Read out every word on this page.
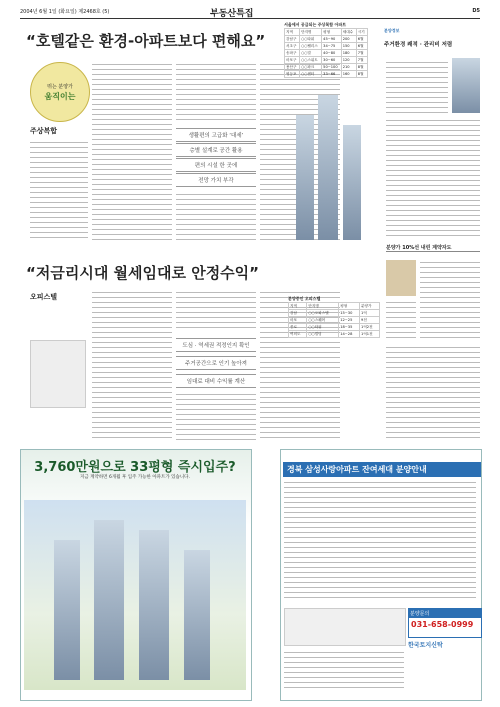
2004년 6월 1일 (화요일) 제2468호 (5)	부동산특집	D5
“호텔같은 환경-아파트보다 편해요”
뛰는 분양가
움직이는
주상복합
생활편의 고급화 ‘대세’
층별 설계로 공간 활용
편의 시설 한 곳에
전망 가치 부각
서울에서 공급되는 주상복합 아파트
지역	단지명	평형	세대수	시기
강남구	○○타워	45~90	200	6월
서초구	○○팰리스	34~75	150	6월
송파구	○○빌	40~80	180	7월
마포구	○○스위트	30~60	120	7월
용산구	○○파크	50~100	210	8월
영등포	○○센터	33~66	160	8월
분양정보
주거환경 쾌적 · 관리비 저렴
분양가 10%선 내린 계약자도
“저금리시대 월세임대로 안정수익”
오피스텔
도심 · 역세권 적정인지 확인
주거공간으로 인기 높아져
임대료 대비 수익률 계산
분양중인 오피스텔
지역	단지명	평형	분양가
강남	○○오피스텔	15~30	1억
마포	○○스퀘어	12~25	9천
종로	○○타워	18~35	1억2천
여의도	○○빌딩	14~28	1억1천
3,760만원으로 33평형 즉시입주?
지금 계약하면 6개월 후 입주 가능한 아파트가 있습니다.
경북 삼성사랑아파트 잔여세대 분양안내
분양문의
031-658-0999
한국토지신탁
